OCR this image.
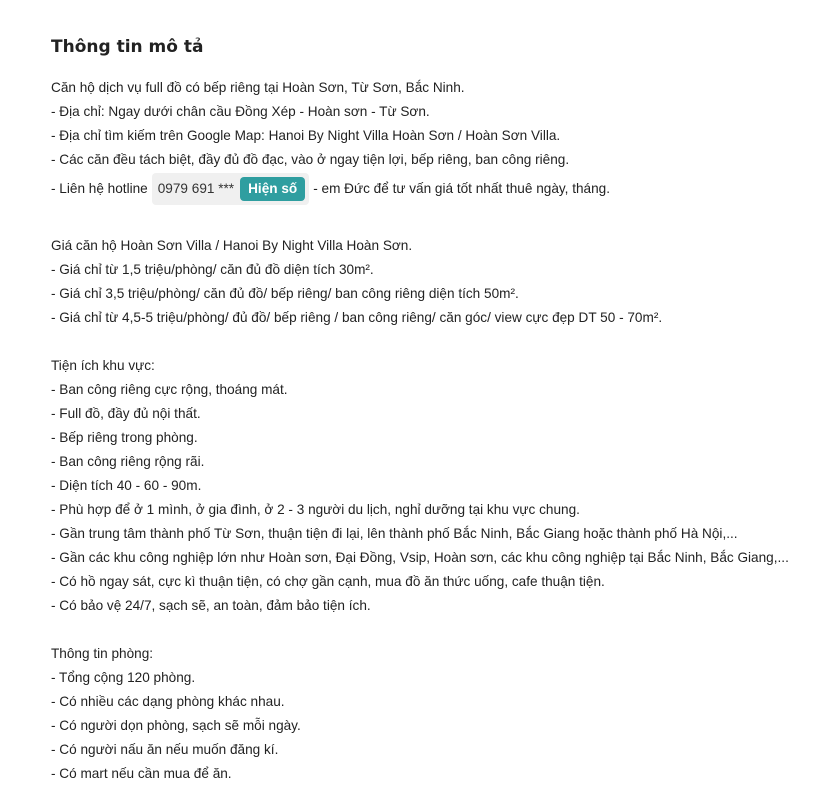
Thông tin mô tả
Căn hộ dịch vụ full đồ có bếp riêng tại Hoàn Sơn, Từ Sơn, Bắc Ninh.
- Địa chỉ: Ngay dưới chân cầu Đồng Xép - Hoàn sơn - Từ Sơn.
- Địa chỉ tìm kiếm trên Google Map: Hanoi By Night Villa Hoàn Sơn / Hoàn Sơn Villa.
- Các căn đều tách biệt, đầy đủ đồ đạc, vào ở ngay tiện lợi, bếp riêng, ban công riêng.
- Liên hệ hotline 0979 691 ***	Hiện số	- em Đức để tư vấn giá tốt nhất thuê ngày, tháng.
Giá căn hộ Hoàn Sơn Villa / Hanoi By Night Villa Hoàn Sơn.
- Giá chỉ từ 1,5 triệu/phòng/ căn đủ đồ diện tích 30m².
- Giá chỉ 3,5 triệu/phòng/ căn đủ đồ/ bếp riêng/ ban công riêng diện tích 50m².
- Giá chỉ từ 4,5-5 triệu/phòng/ đủ đồ/ bếp riêng / ban công riêng/ căn góc/ view cực đẹp DT 50 - 70m².
Tiện ích khu vực:
- Ban công riêng cực rộng, thoáng mát.
- Full đồ, đầy đủ nội thất.
- Bếp riêng trong phòng.
- Ban công riêng rộng rãi.
- Diện tích 40 - 60 - 90m.
- Phù hợp để ở 1 mình, ở gia đình, ở 2 - 3 người du lịch, nghỉ dưỡng tại khu vực chung.
- Gần trung tâm thành phố Từ Sơn, thuận tiện đi lại, lên thành phố Bắc Ninh, Bắc Giang hoặc thành phố Hà Nội,...
- Gần các khu công nghiệp lớn như Hoàn sơn, Đại Đồng, Vsip, Hoàn sơn, các khu công nghiệp tại Bắc Ninh, Bắc Giang,...
- Có hồ ngay sát, cực kì thuận tiện, có chợ gần cạnh, mua đồ ăn thức uống, cafe thuận tiện.
- Có bảo vệ 24/7, sạch sẽ, an toàn, đảm bảo tiện ích.
Thông tin phòng:
- Tổng cộng 120 phòng.
- Có nhiều các dạng phòng khác nhau.
- Có người dọn phòng, sạch sẽ mỗi ngày.
- Có người nấu ăn nếu muốn đăng kí.
- Có mart nếu cần mua để ăn.
